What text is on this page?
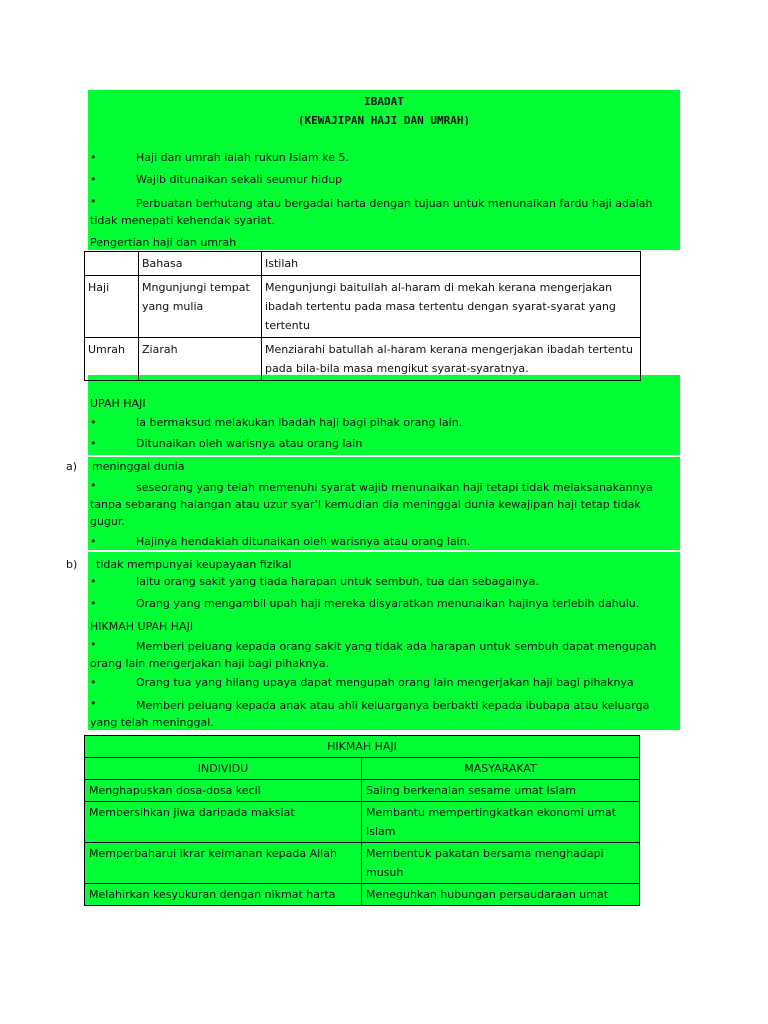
IBADAT
(KEWAJIPAN HAJI DAN UMRAH)
•	Haji dan umrah ialah rukun Islam ke 5.
•	Wajib ditunaikan sekali seumur hidup
•	Perbuatan berhutang atau bergadai harta dengan tujuan untuk menunaikan fardu haji adalah tidak menepati kehendak syariat.
Pengertian haji dan umrah
	Bahasa	Istilah
Haji	Mngunjungi tempat yang mulia	Mengunjungi baitullah al-haram di mekah kerana mengerjakan ibadah tertentu pada masa tertentu dengan syarat-syarat yang tertentu
Umrah	Ziarah	Menziarahi batullah al-haram kerana mengerjakan ibadah tertentu pada bila-bila masa mengikut syarat-syaratnya.
UPAH HAJI
•	Ia bermaksud melakukan ibadah haji bagi pihak orang lain.
•	Ditunaikan oleh warisnya atau orang lain
a) meninggal dunia
•	seseorang yang telah memenuhi syarat wajib menunaikan haji tetapi tidak melaksanakannya tanpa sebarang halangan atau uzur syar’I kemudian dia meninggal dunia kewajipan haji tetap tidak gugur.
•	Hajinya hendaklah ditunaikan oleh warisnya atau orang lain.
b) tidak mempunyai keupayaan fizikal
•	Iaitu orang sakit yang tiada harapan untuk sembuh, tua dan sebagainya.
•	Orang yang mengambil upah haji mereka disyaratkan menunaikan hajinya terlebih dahulu.
HIKMAH UPAH HAJI
•	Memberi peluang kepada orang sakit yang tidak ada harapan untuk sembuh dapat mengupah orang lain mengerjakan haji bagi pihaknya.
•	Orang tua yang hilang upaya dapat mengupah orang lain mengerjakan haji bagi pihaknya
•	Memberi peluang kepada anak atau ahli keluarganya berbakti kepada ibubapa atau keluarga yang telah meninggal.
HIKMAH HAJI	
INDIVIDU	MASYARAKAT
Menghapuskan dosa-dosa kecil	Saling berkenalan sesame umat Islam
Membersihkan jiwa daripada maksiat	Membantu mempertingkatkan ekonomi umat Islam
Memperbaharui ikrar keimanan kepada Allah	Membentuk pakatan bersama menghadapi musuh
Melahirkan kesyukuran dengan nikmat harta	Meneguhkan hubungan persaudaraan umat
